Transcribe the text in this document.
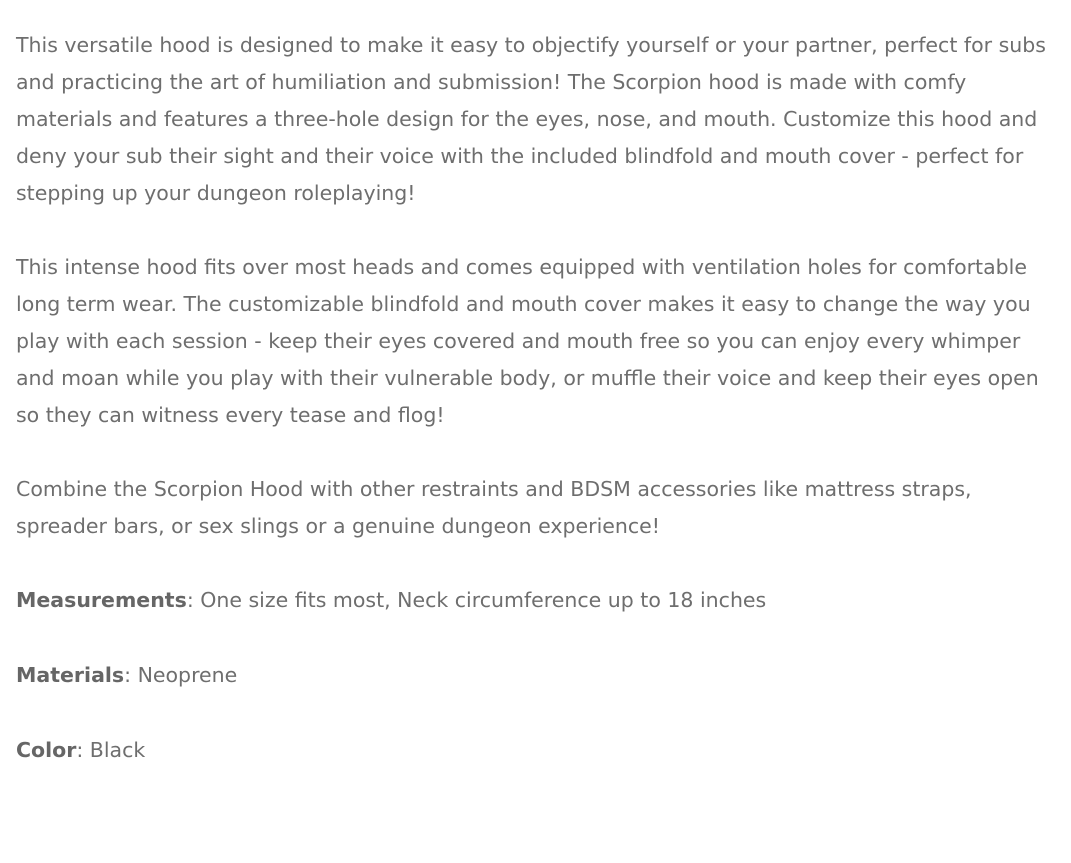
This versatile hood is designed to make it easy to objectify yourself or your partner, perfect for subs and practicing the art of humiliation and submission! The Scorpion hood is made with comfy materials and features a three-hole design for the eyes, nose, and mouth. Customize this hood and deny your sub their sight and their voice with the included blindfold and mouth cover - perfect for stepping up your dungeon roleplaying!

This intense hood fits over most heads and comes equipped with ventilation holes for comfortable long term wear. The customizable blindfold and mouth cover makes it easy to change the way you play with each session - keep their eyes covered and mouth free so you can enjoy every whimper and moan while you play with their vulnerable body, or muffle their voice and keep their eyes open so they can witness every tease and flog!

Combine the Scorpion Hood with other restraints and BDSM accessories like mattress straps, spreader bars, or sex slings or a genuine dungeon experience!

Measurements: One size fits most, Neck circumference up to 18 inches

Materials: Neoprene

Color: Black
